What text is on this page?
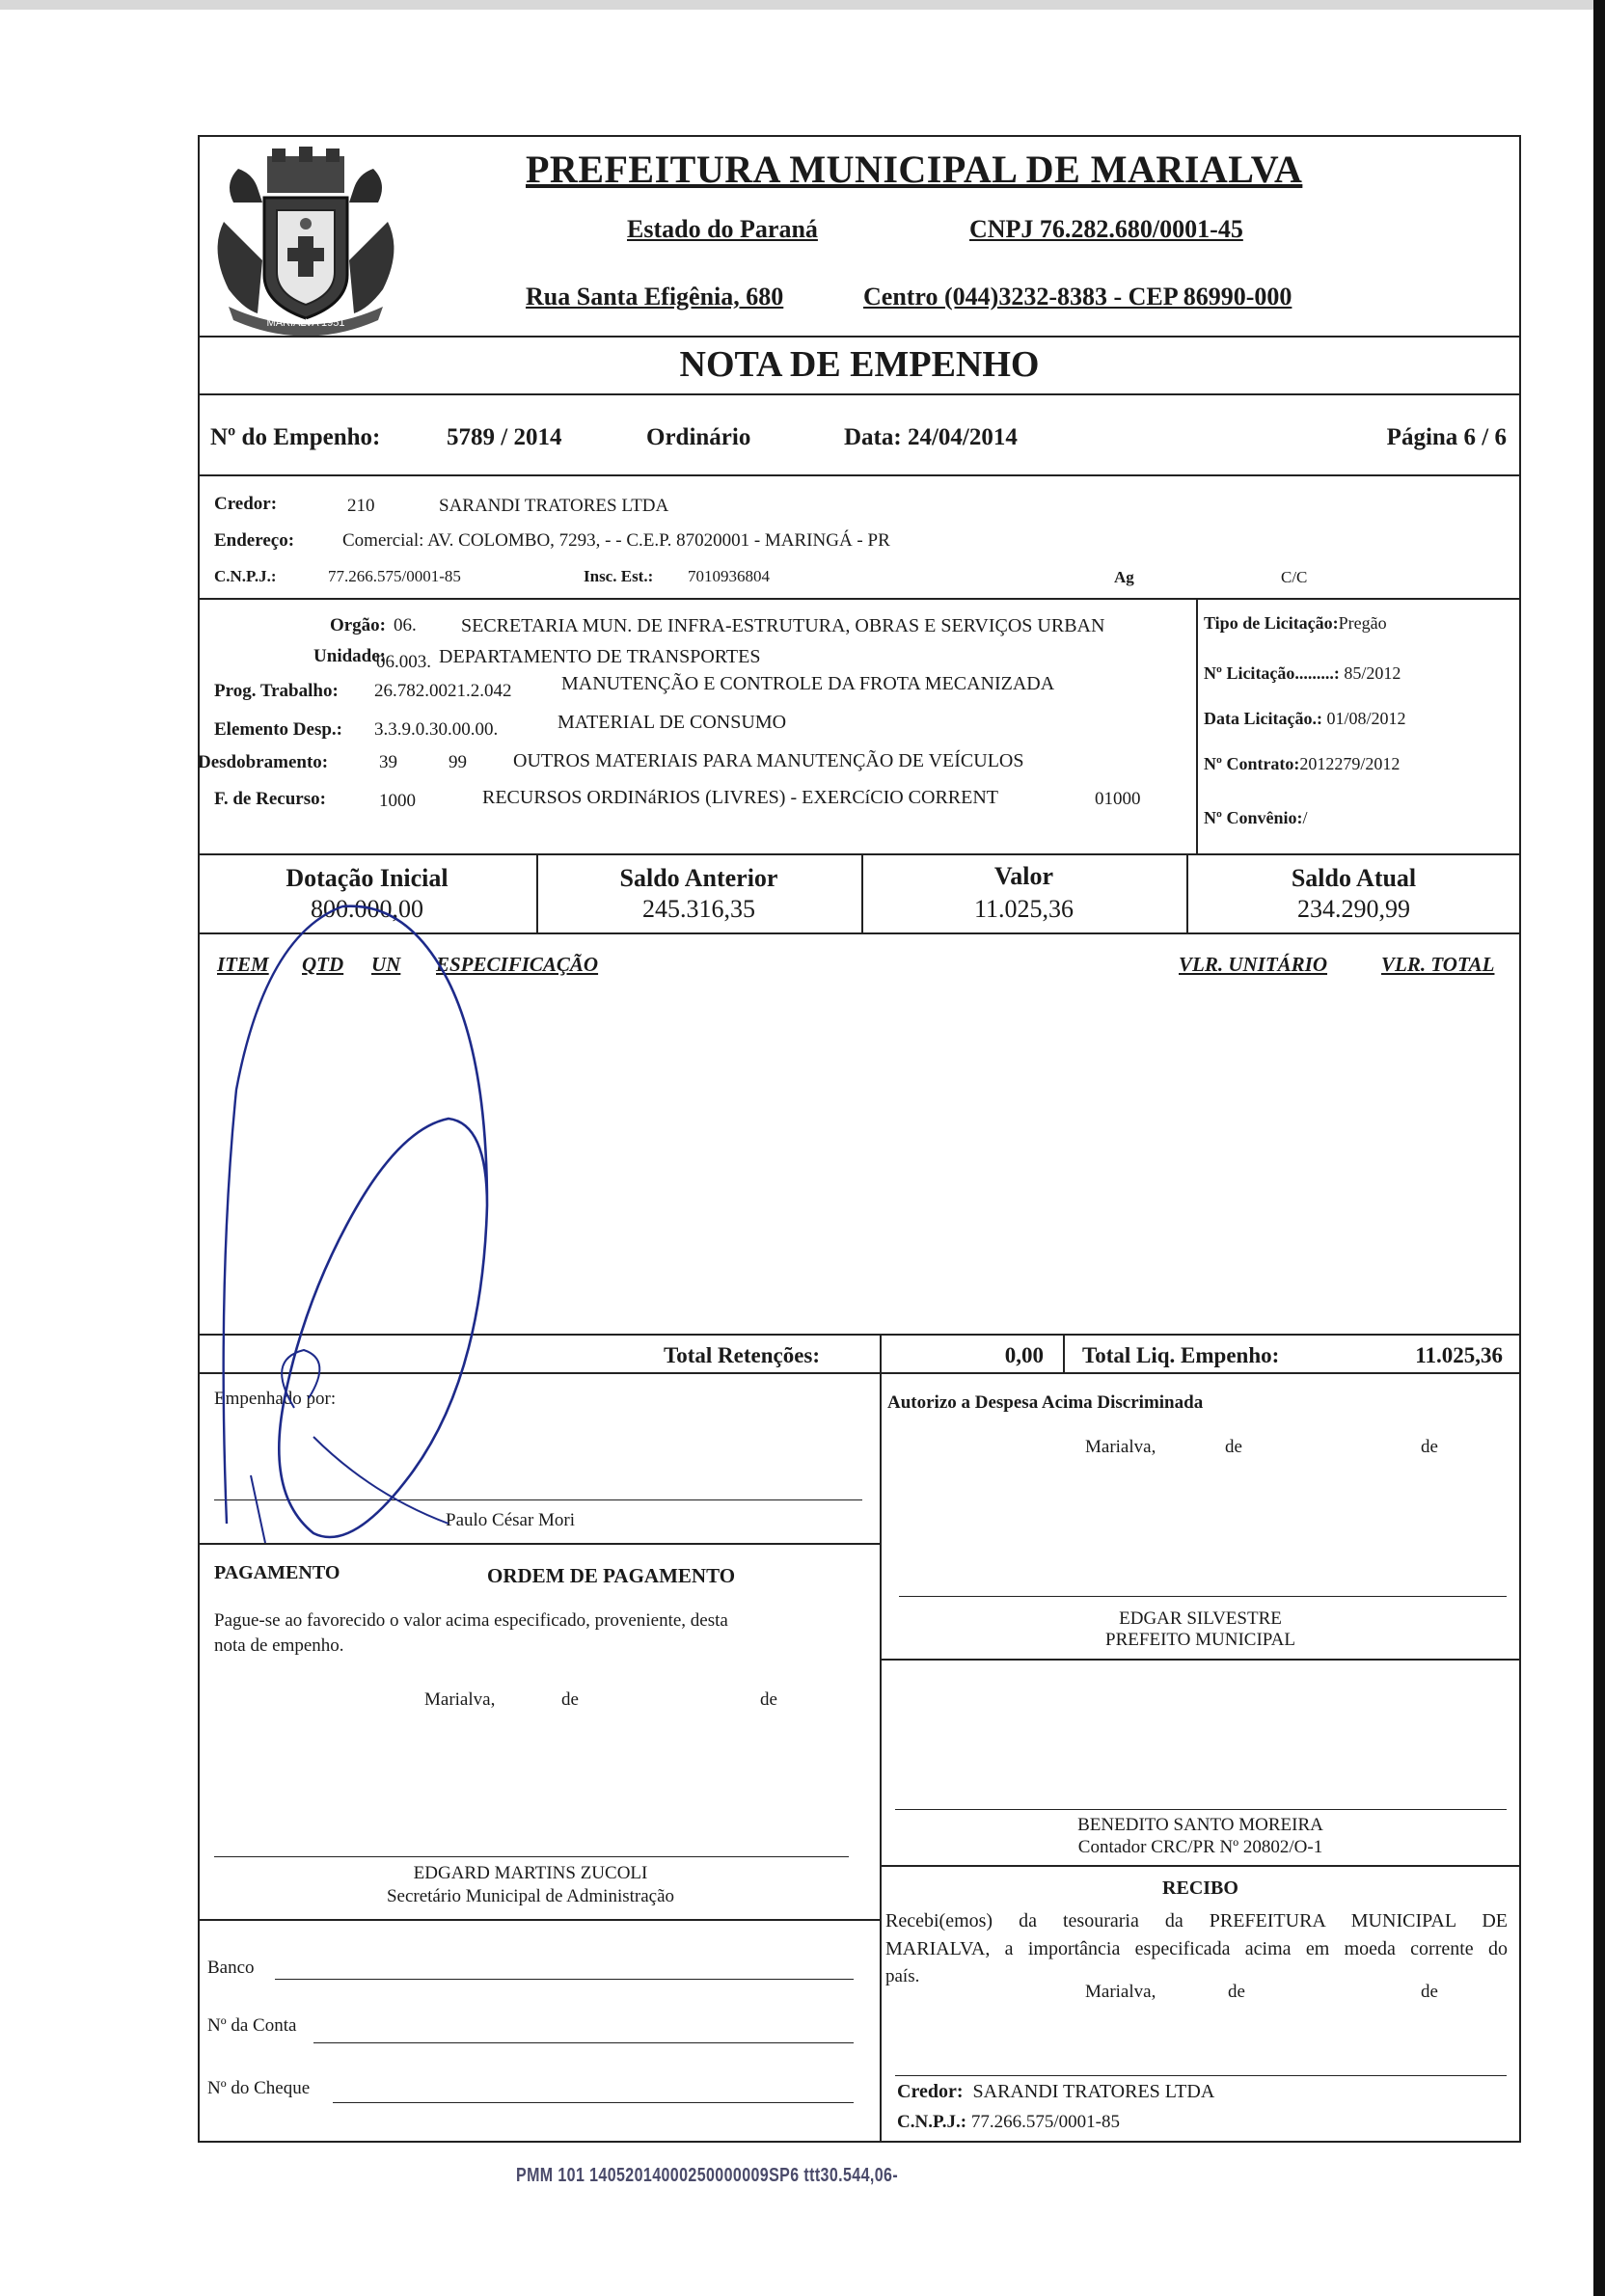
MARIALVA 1951
PREFEITURA MUNICIPAL DE MARIALVA
Estado do Paraná	CNPJ 76.282.680/0001-45
Rua Santa Efigênia, 680	Centro (044)3232-8383 - CEP 86990-000
NOTA DE EMPENHO
Nº do Empenho:	5789 / 2014	Ordinário	Data: 24/04/2014	Página 6 / 6
Credor:	210	SARANDI TRATORES LTDA
Endereço:	Comercial: AV. COLOMBO, 7293, - - C.E.P. 87020001 - MARINGÁ - PR
C.N.P.J.:	77.266.575/0001-85	Insc. Est.: 7010936804	Ag	C/C
Orgão: 06. SECRETARIA MUN. DE INFRA-ESTRUTURA, OBRAS E SERVIÇOS URBAN
Unidade:
06.003. DEPARTAMENTO DE TRANSPORTES
Prog. Trabalho: 26.782.0021.2.042	MANUTENÇÃO E CONTROLE DA FROTA MECANIZADA
Elemento Desp.: 3.3.9.0.30.00.00.	MATERIAL DE CONSUMO
Desdobramento:	39	99 OUTROS MATERIAIS PARA MANUTENÇÃO DE VEÍCULOS
F. de Recurso:	1000	RECURSOS ORDINáRIOS (LIVRES) - EXERCíCIO CORRENT	01000
Tipo de Licitação:Pregão
Nº Licitação.........: 85/2012
Data Licitação.: 01/08/2012
Nº Contrato:2012279/2012
Nº Convênio:/
Dotação Inicial
800.000,00
Saldo Anterior
245.316,35
Valor
11.025,36
Saldo Atual
234.290,99
ITEM QTD UN ESPECIFICAÇÃO	VLR. UNITÁRIO	VLR. TOTAL
Total Retenções:	0,00 Total Liq. Empenho:	11.025,36
Empenhado por:
Paulo César Mori
Autorizo a Despesa Acima Discriminada
Marialva,	de	de
PAGAMENTO	ORDEM DE PAGAMENTO
Pague-se ao favorecido o valor acima especificado, proveniente, desta
nota de empenho.
Marialva,	de	de
EDGAR SILVESTRE
PREFEITO MUNICIPAL
EDGARD MARTINS ZUCOLI
Secretário Municipal de Administração
Banco
Nº da Conta
Nº do Cheque
BENEDITO SANTO MOREIRA
Contador CRC/PR Nº 20802/O-1
RECIBO
Recebi(emos) da tesouraria da PREFEITURA MUNICIPAL DE
MARIALVA, a importância especificada acima em moeda corrente do
país.
Marialva,	de	de
Credor: SARANDI TRATORES LTDA
C.N.P.J.: 77.266.575/0001-85
PMM 101 14052014000250000009SP6 ttt30.544,06-
